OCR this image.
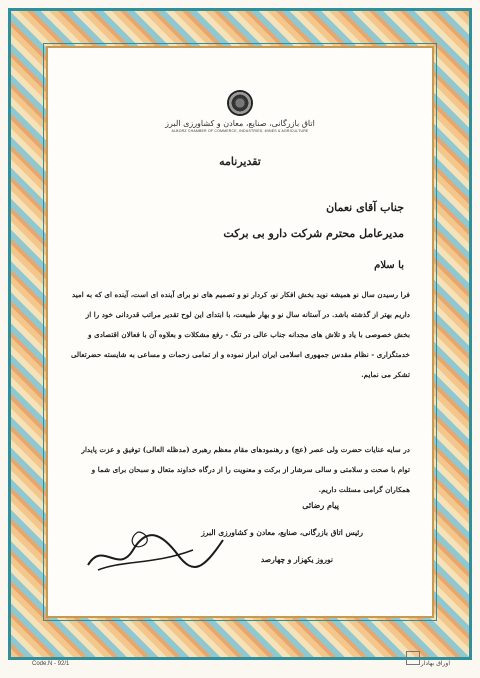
اتاق بازرگانی، صنایع، معادن و کشاورزی البرز
ALBORZ CHAMBER OF COMMERCE, INDUSTRIES, MINES & AGRICULTURE
تقدیرنامه
جناب آقای نعمان
مدیرعامل محترم شرکت دارو بی برکت
با سلام
فرا رسیدن سال نو همیشه نوید بخش افکار نو، کردار نو و تصمیم های نو برای آینده ای است، آینده ای که به امید داریم بهتر از گذشته باشد. در آستانه سال نو و بهار طبیعت، با ابتدای این لوح تقدیر مراتب قدردانی خود را از بخش خصوصی با یاد و تلاش های مجدانه جناب عالی در تنگ - رفع مشکلات و بعلاوه آن با فعالان اقتصادی و خدمتگزاری - نظام مقدس جمهوری اسلامی ایران ابراز نموده و از تمامی زحمات و مساعی به شایسته حضرتعالی تشکر می نمایم.
در سایه عنایات حضرت ولی عصر (عج) و رهنمودهای مقام معظم رهبری (مدظله العالی) توفیق و عزت پایدار توام با صحت و سلامتی و سالی سرشار از برکت و معنویت را از درگاه خداوند متعال و سبحان برای شما و همکاران گرامی مسئلت داریم.
پیام رضائی
رئیس اتاق بازرگانی، صنایع، معادن و کشاورزی البرز
نوروز یکهزار و چهارصد
Code.N - 92/1	اوراق بهادار
